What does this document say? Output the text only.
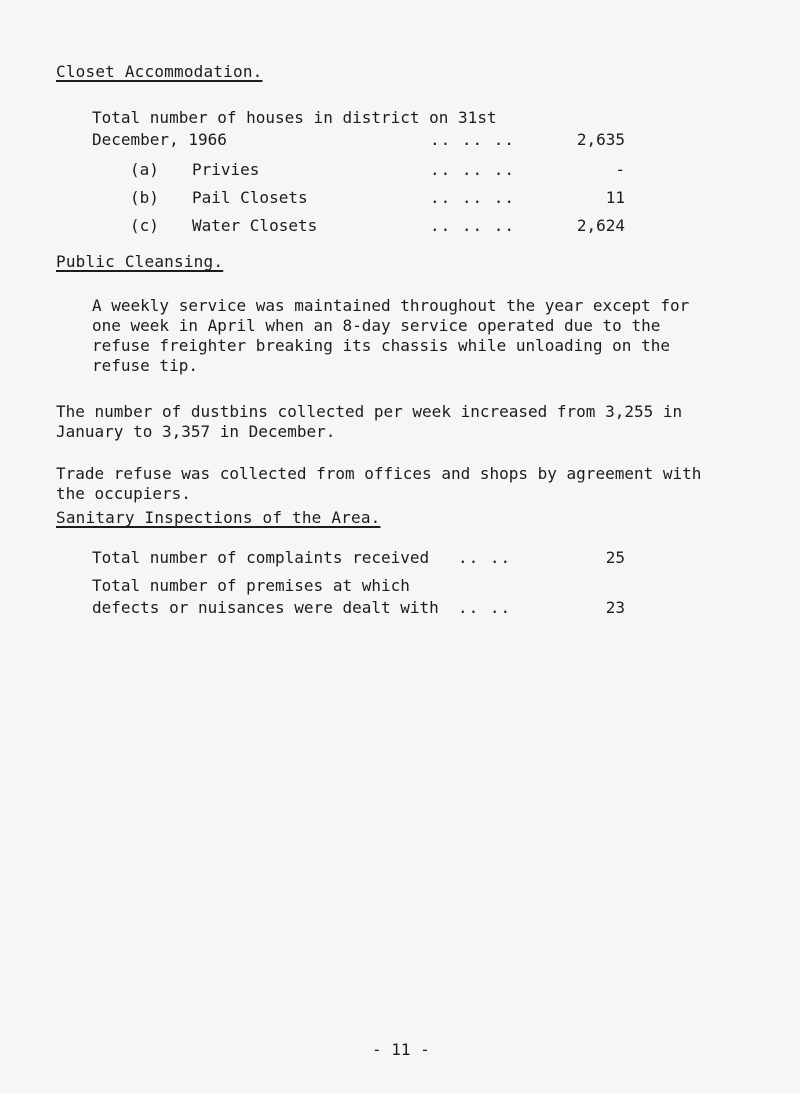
Closet Accommodation.
Total number of houses in district on 31st
December, 1966	.. .. ..	2,635
(a) Privies	.. .. ..	-
(b) Pail Closets	.. .. ..	11
(c) Water Closets	.. .. ..	2,624
Public Cleansing.
A weekly service was maintained throughout the year except for one week in April when an 8-day service operated due to the refuse freighter breaking its chassis while unloading on the refuse tip.
The number of dustbins collected per week increased from 3,255 in January to 3,357 in December.
Trade refuse was collected from offices and shops by agreement with the occupiers.
Sanitary Inspections of the Area.
Total number of complaints received .. ..	25
Total number of premises at which
defects or nuisances were dealt with .. ..	23
- 11 -
